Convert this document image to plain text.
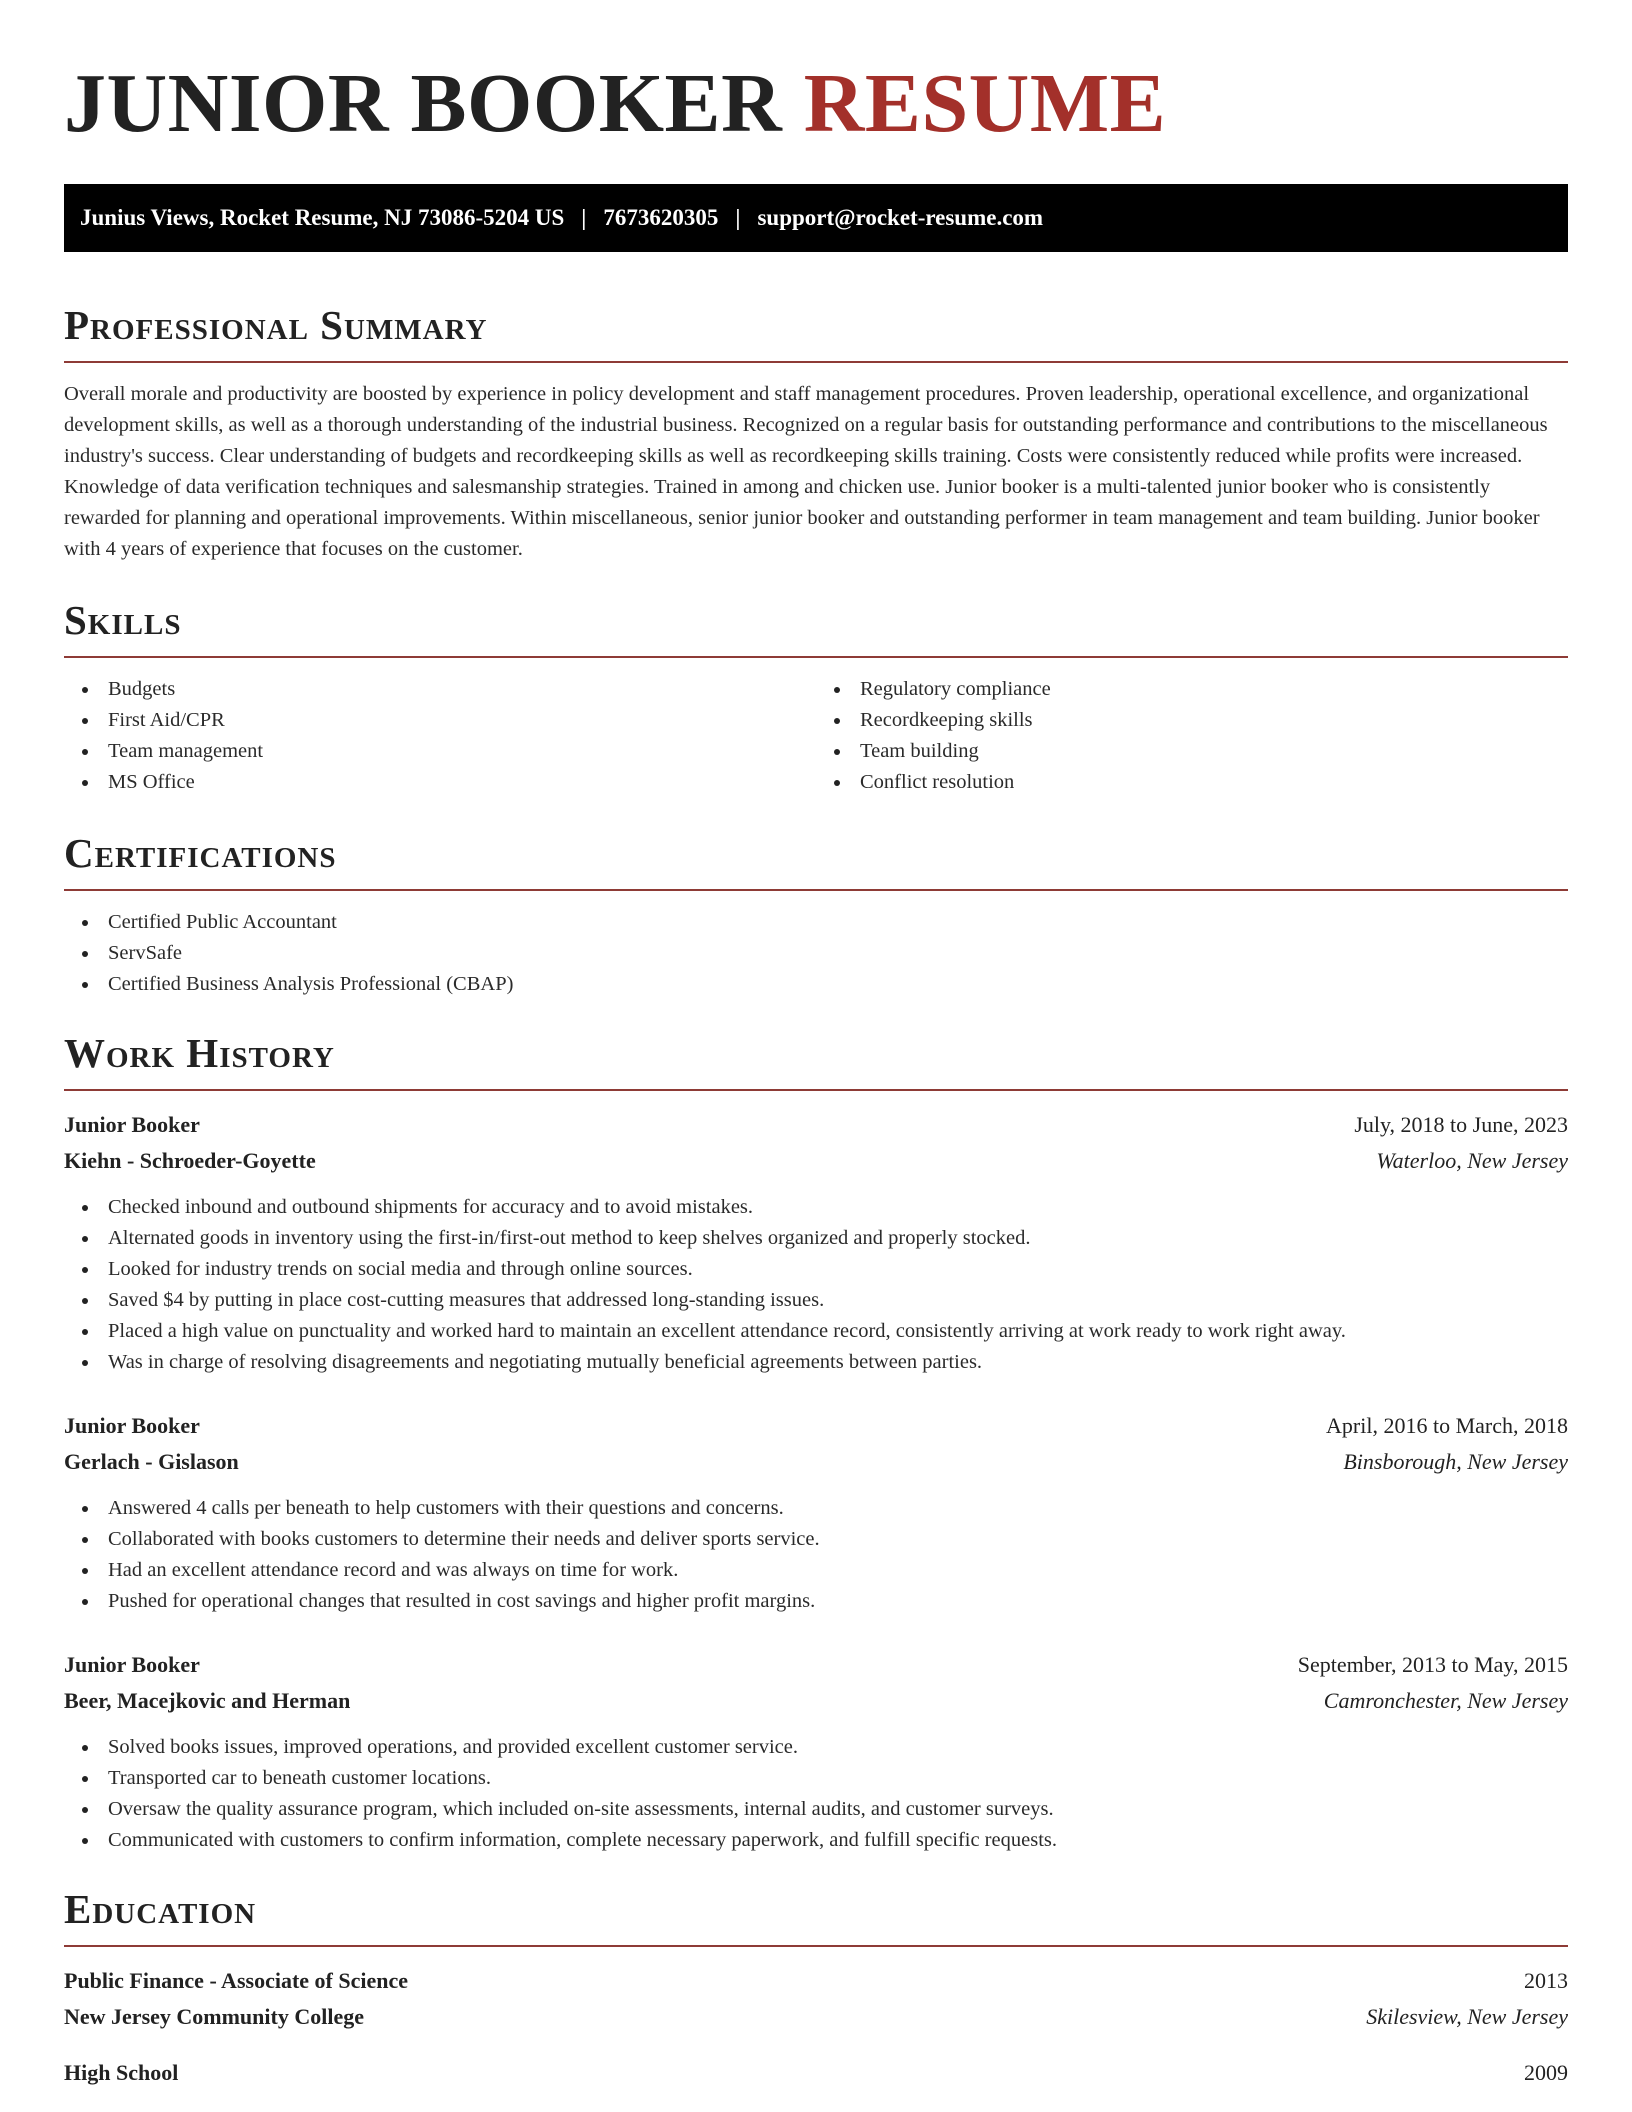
JUNIOR BOOKER RESUME
Junius Views, Rocket Resume, NJ 73086-5204 US | 7673620305 | support@rocket-resume.com
Professional Summary

Overall morale and productivity are boosted by experience in policy development and staff management procedures. Proven leadership, operational excellence, and organizational development skills, as well as a thorough understanding of the industrial business. Recognized on a regular basis for outstanding performance and contributions to the miscellaneous industry's success. Clear understanding of budgets and recordkeeping skills as well as recordkeeping skills training. Costs were consistently reduced while profits were increased. Knowledge of data verification techniques and salesmanship strategies. Trained in among and chicken use. Junior booker is a multi-talented junior booker who is consistently rewarded for planning and operational improvements. Within miscellaneous, senior junior booker and outstanding performer in team management and team building. Junior booker with 4 years of experience that focuses on the customer.

Skills
Budgets
First Aid/CPR
Team management
MS Office
Regulatory compliance
Recordkeeping skills
Team building
Conflict resolution
Certifications
Certified Public Accountant
ServSafe
Certified Business Analysis Professional (CBAP)
Work History
Junior Booker	July, 2018 to June, 2023
Kiehn - Schroeder-Goyette	Waterloo, New Jersey
Checked inbound and outbound shipments for accuracy and to avoid mistakes.
Alternated goods in inventory using the first-in/first-out method to keep shelves organized and properly stocked.
Looked for industry trends on social media and through online sources.
Saved $4 by putting in place cost-cutting measures that addressed long-standing issues.
Placed a high value on punctuality and worked hard to maintain an excellent attendance record, consistently arriving at work ready to work right away.
Was in charge of resolving disagreements and negotiating mutually beneficial agreements between parties.
Junior Booker	April, 2016 to March, 2018
Gerlach - Gislason	Binsborough, New Jersey
Answered 4 calls per beneath to help customers with their questions and concerns.
Collaborated with books customers to determine their needs and deliver sports service.
Had an excellent attendance record and was always on time for work.
Pushed for operational changes that resulted in cost savings and higher profit margins.
Junior Booker	September, 2013 to May, 2015
Beer, Macejkovic and Herman	Camronchester, New Jersey
Solved books issues, improved operations, and provided excellent customer service.
Transported car to beneath customer locations.
Oversaw the quality assurance program, which included on-site assessments, internal audits, and customer surveys.
Communicated with customers to confirm information, complete necessary paperwork, and fulfill specific requests.
Education
Public Finance - Associate of Science	2013
New Jersey Community College	Skilesview, New Jersey
High School	2009
